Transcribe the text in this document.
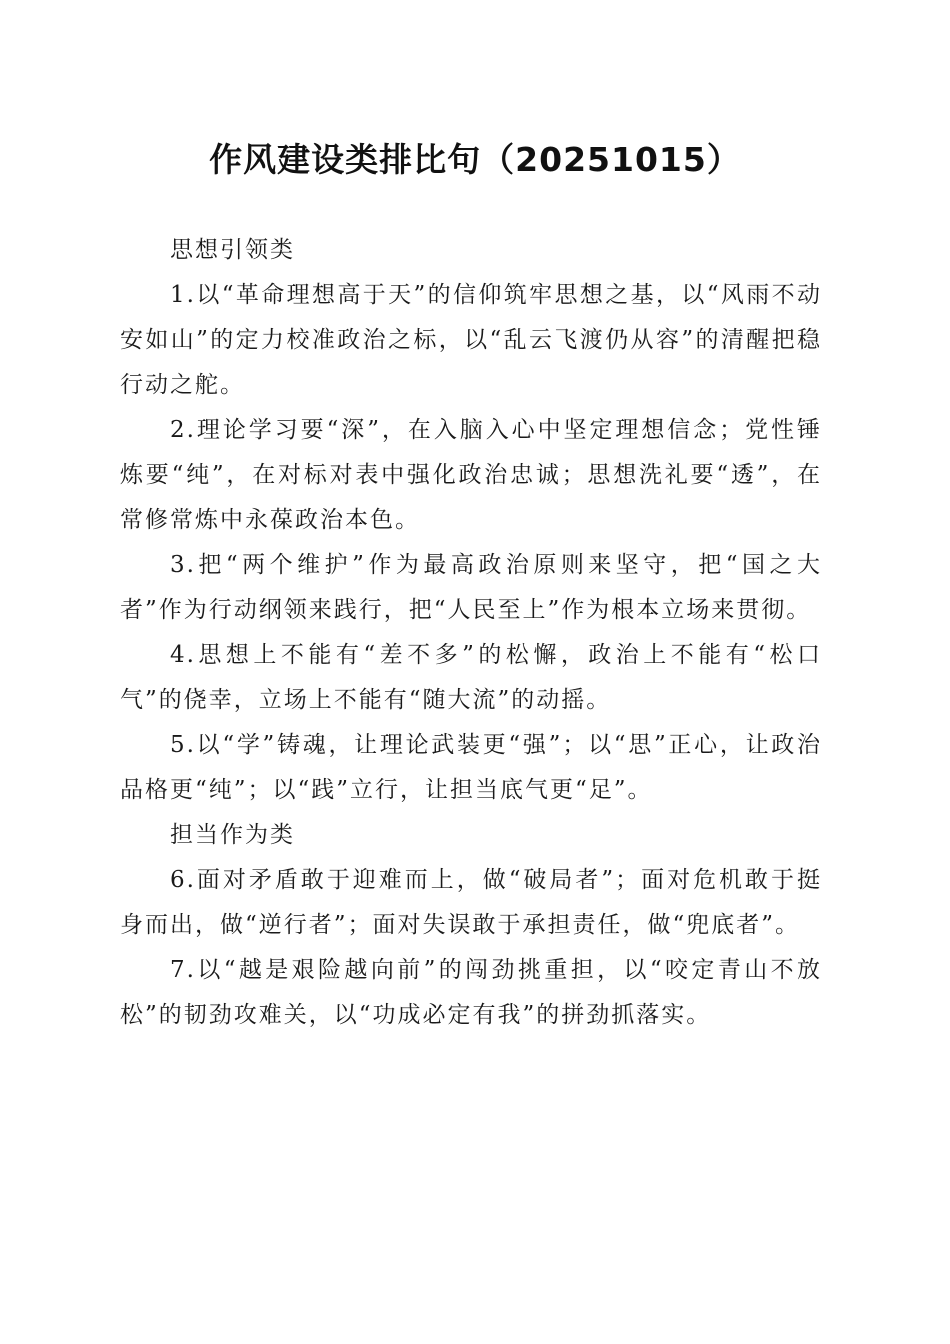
作风建设类排比句（20251015）

思想引领类

1.以“革命理想高于天”的信仰筑牢思想之基，以“风雨不动安如山”的定力校准政治之标，以“乱云飞渡仍从容”的清醒把稳行动之舵。

2.理论学习要“深”，在入脑入心中坚定理想信念；党性锤炼要“纯”，在对标对表中强化政治忠诚；思想洗礼要“透”，在常修常炼中永葆政治本色。

3.把“两个维护”作为最高政治原则来坚守，把“国之大者”作为行动纲领来践行，把“人民至上”作为根本立场来贯彻。

4.思想上不能有“差不多”的松懈，政治上不能有“松口气”的侥幸，立场上不能有“随大流”的动摇。

5.以“学”铸魂，让理论武装更“强”；以“思”正心，让政治品格更“纯”；以“践”立行，让担当底气更“足”。

担当作为类

6.面对矛盾敢于迎难而上，做“破局者”；面对危机敢于挺身而出，做“逆行者”；面对失误敢于承担责任，做“兜底者”。

7.以“越是艰险越向前”的闯劲挑重担，以“咬定青山不放松”的韧劲攻难关，以“功成必定有我”的拼劲抓落实。
